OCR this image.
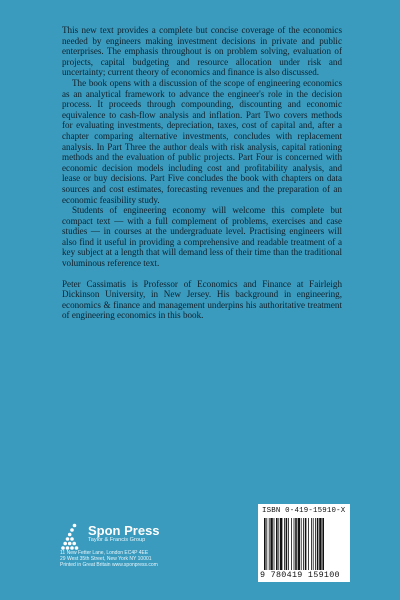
This new text provides a complete but concise coverage of the economics needed by engineers making investment decisions in private and public enterprises. The emphasis throughout is on problem solving, evaluation of projects, capital budgeting and resource allocation under risk and uncertainty; current theory of economics and finance is also discussed.

The book opens with a discussion of the scope of engineering economics as an analytical framework to advance the engineer's role in the decision process. It proceeds through compounding, discounting and economic equivalence to cash-flow analysis and inflation. Part Two covers methods for evaluating investments, depreciation, taxes, cost of capital and, after a chapter comparing alternative investments, concludes with replacement analysis. In Part Three the author deals with risk analysis, capital rationing methods and the evaluation of public projects. Part Four is concerned with economic decision models including cost and profitability analysis, and lease or buy decisions. Part Five concludes the book with chapters on data sources and cost estimates, forecasting revenues and the preparation of an economic feasibility study.

Students of engineering economy will welcome this complete but compact text — with a full complement of problems, exercises and case studies — in courses at the undergraduate level. Practising engineers will also find it useful in providing a comprehensive and readable treatment of a key subject at a length that will demand less of their time than the traditional voluminous reference text.

Peter Cassimatis is Professor of Economics and Finance at Fairleigh Dickinson University, in New Jersey. His background in engineering, economics & finance and management underpins his authoritative treatment of engineering economics in this book.

Spon Press
Taylor & Francis Group
11 New Fetter Lane, London EC4P 4EE
29 West 35th Street, New York NY 10001
Printed in Great Britain www.sponpress.com
ISBN 0-419-15910-X
9 780419 159100
